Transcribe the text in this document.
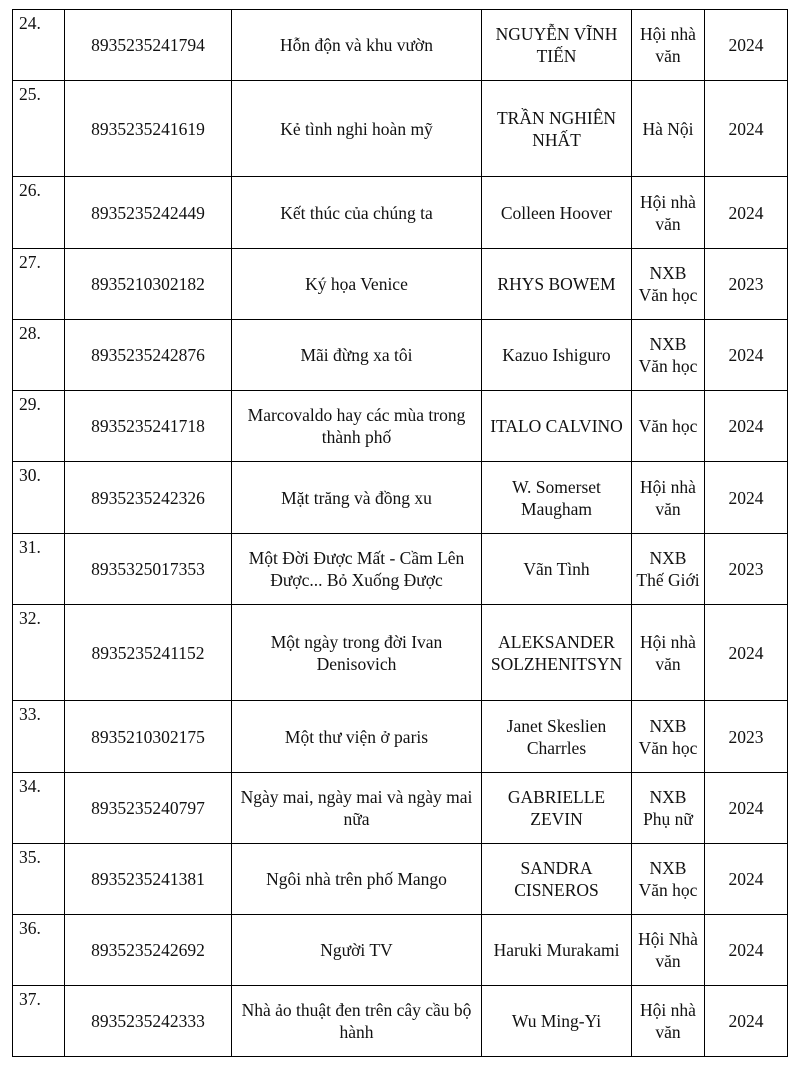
24.	8935235241794	Hỗn độn và khu vườn	NGUYỄN VĨNH TIẾN	Hội nhà văn	2024
25.	8935235241619	Kẻ tình nghi hoàn mỹ	TRẦN NGHIÊN NHẤT	Hà Nội	2024
26.	8935235242449	Kết thúc của chúng ta	Colleen Hoover	Hội nhà văn	2024
27.	8935210302182	Ký họa Venice	RHYS BOWEM	NXB Văn học	2023
28.	8935235242876	Mãi đừng xa tôi	Kazuo Ishiguro	NXB Văn học	2024
29.	8935235241718	Marcovaldo hay các mùa trong thành phố	ITALO CALVINO	Văn học	2024
30.	8935235242326	Mặt trăng và đồng xu	W. Somerset Maugham	Hội nhà văn	2024
31.	8935325017353	Một Đời Được Mất - Cầm Lên Được... Bỏ Xuống Được	Vãn Tình	NXB Thế Giới	2023
32.	8935235241152	Một ngày trong đời Ivan Denisovich	ALEKSANDER SOLZHENITSYN	Hội nhà văn	2024
33.	8935210302175	Một thư viện ở paris	Janet Skeslien Charrles	NXB Văn học	2023
34.	8935235240797	Ngày mai, ngày mai và ngày mai nữa	GABRIELLE ZEVIN	NXB Phụ nữ	2024
35.	8935235241381	Ngôi nhà trên phố Mango	SANDRA CISNEROS	NXB Văn học	2024
36.	8935235242692	Người TV	Haruki Murakami	Hội Nhà văn	2024
37.	8935235242333	Nhà ảo thuật đen trên cây cầu bộ hành	Wu Ming-Yi	Hội nhà văn	2024
